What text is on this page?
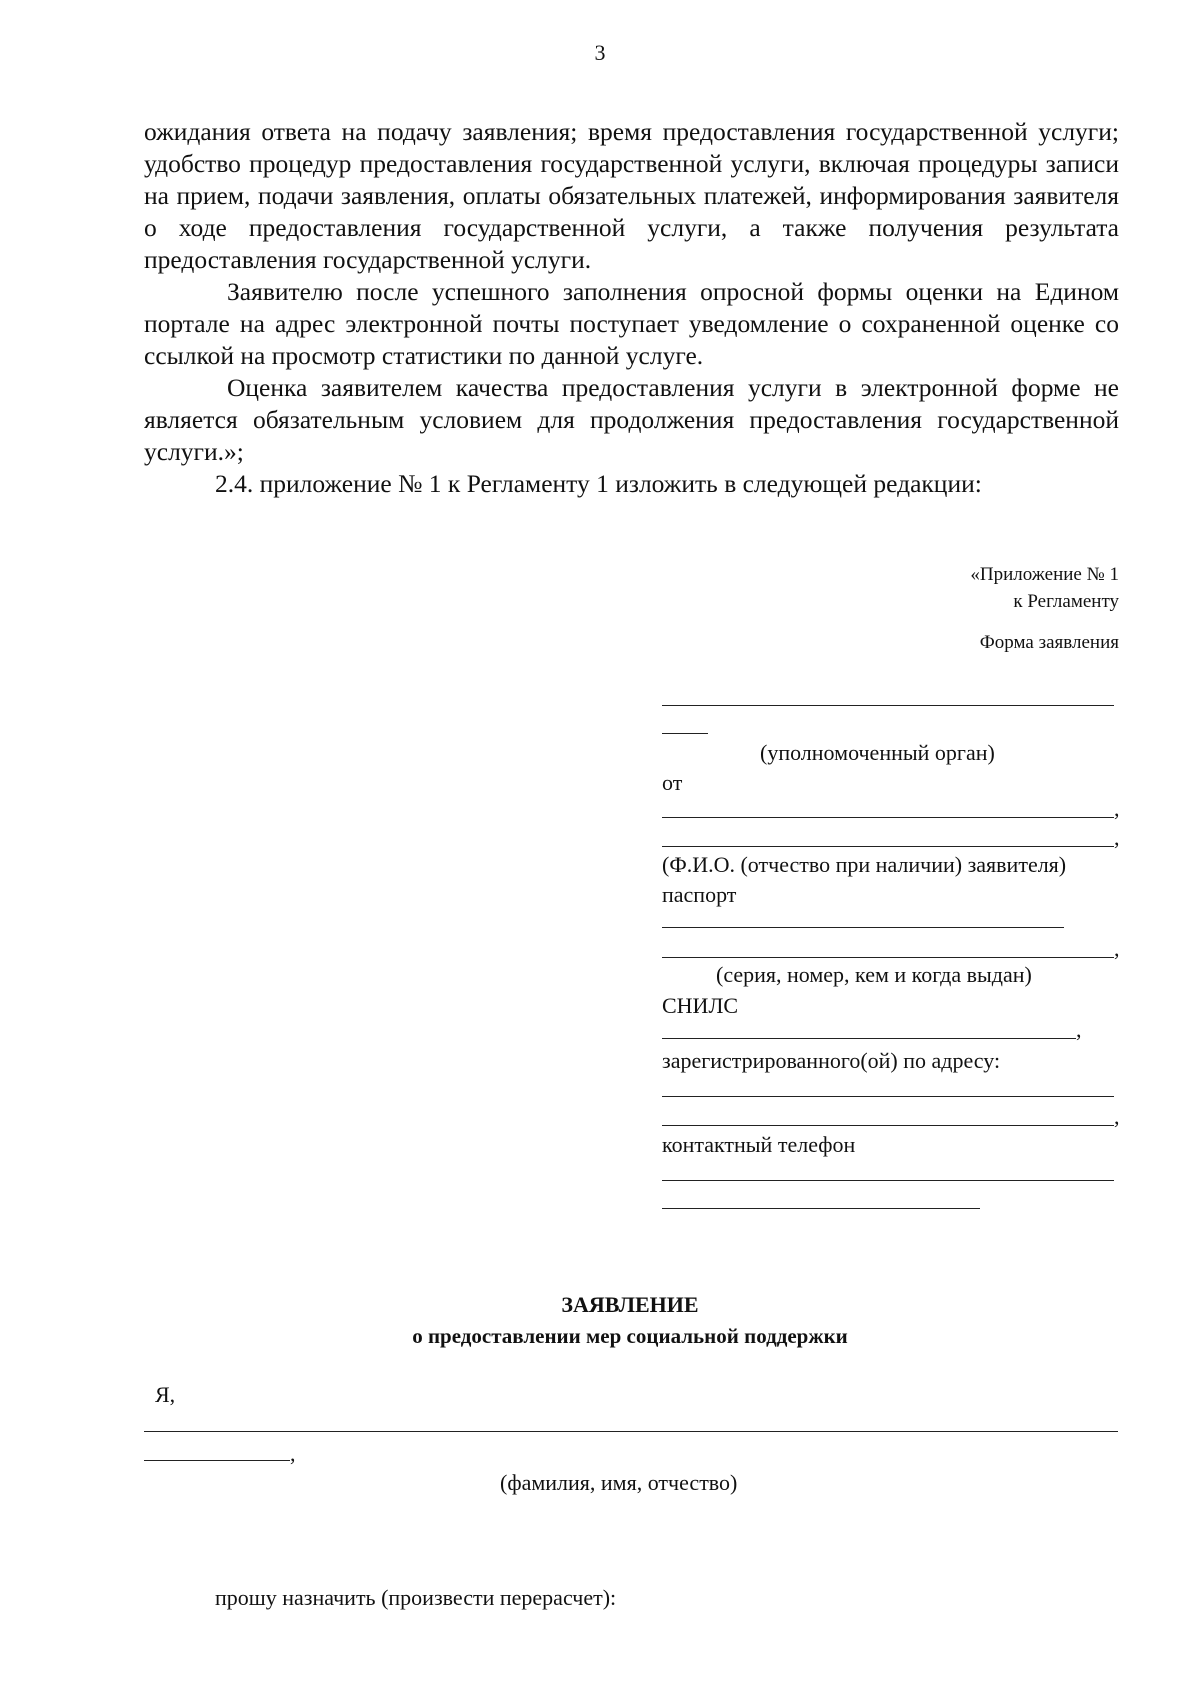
3

ожидания ответа на подачу заявления; время предоставления государственной услуги; удобство процедур предоставления государственной услуги, включая процедуры записи на прием, подачи заявления, оплаты обязательных платежей, информирования заявителя о ходе предоставления государственной услуги, а также получения результата предоставления государственной услуги.

Заявителю после успешного заполнения опросной формы оценки на Едином портале на адрес электронной почты поступает уведомление о сохраненной оценке со ссылкой на просмотр статистики по данной услуге.

Оценка заявителем качества предоставления услуги в электронной форме не является обязательным условием для продолжения предоставления государственной услуги.»;

2.4. приложение № 1 к Регламенту 1 изложить в следующей редакции:

«Приложение № 1
к Регламенту
Форма заявления
(уполномоченный орган)
от
,
,
(Ф.И.О. (отчество при наличии) заявителя)
паспорт
,
(серия, номер, кем и когда выдан)
СНИЛС
,
зарегистрированного(ой) по адресу:
,
контактный телефон
ЗАЯВЛЕНИЕ
о предоставлении мер социальной поддержки
Я,
,
(фамилия, имя, отчество)
прошу назначить (произвести перерасчет):
